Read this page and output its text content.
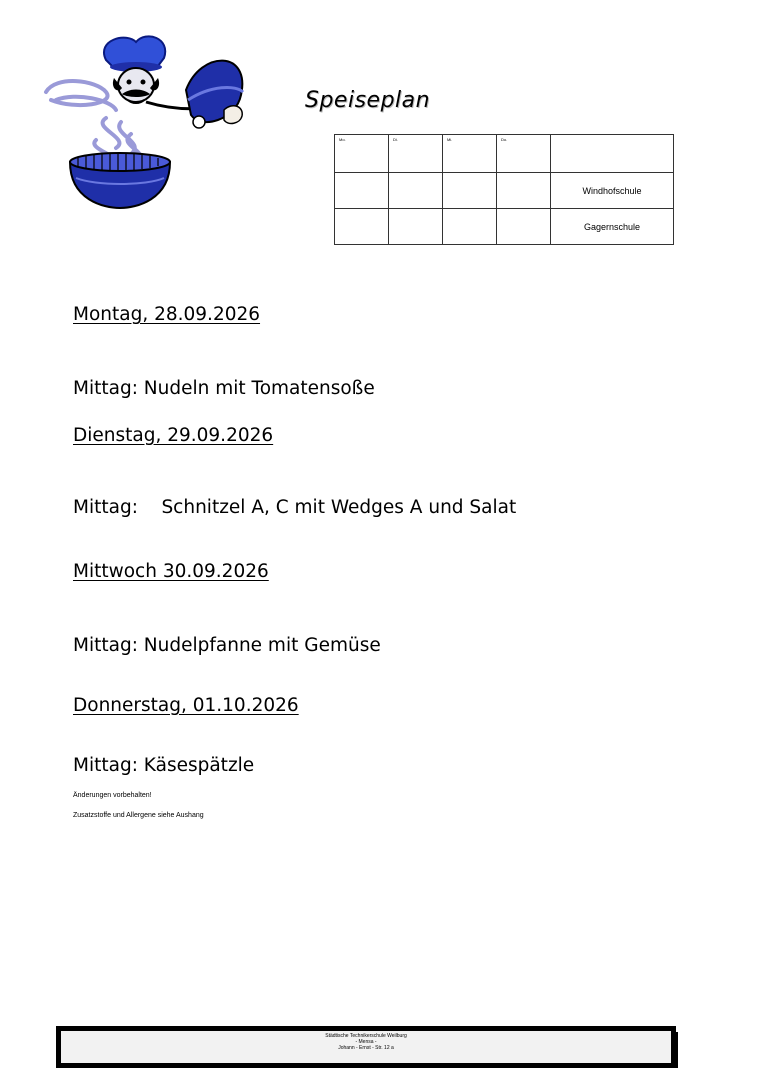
Speiseplan
Mo.	Di.	Mi.	Do.	
				Windhofschule
				Gagernschule
Montag, 28.09.2026
Mittag: Nudeln mit Tomatensoße
Dienstag, 29.09.2026
Mittag:    Schnitzel A, C mit Wedges A und Salat
Mittwoch 30.09.2026
Mittag: Nudelpfanne mit Gemüse
Donnerstag, 01.10.2026
Mittag: Käsespätzle
Änderungen vorbehalten!
Zusatzstoffe und Allergene siehe Aushang
Städtische Technikerschule Weilburg
- Mensa -
Johann - Ernst - Str. 12 a
